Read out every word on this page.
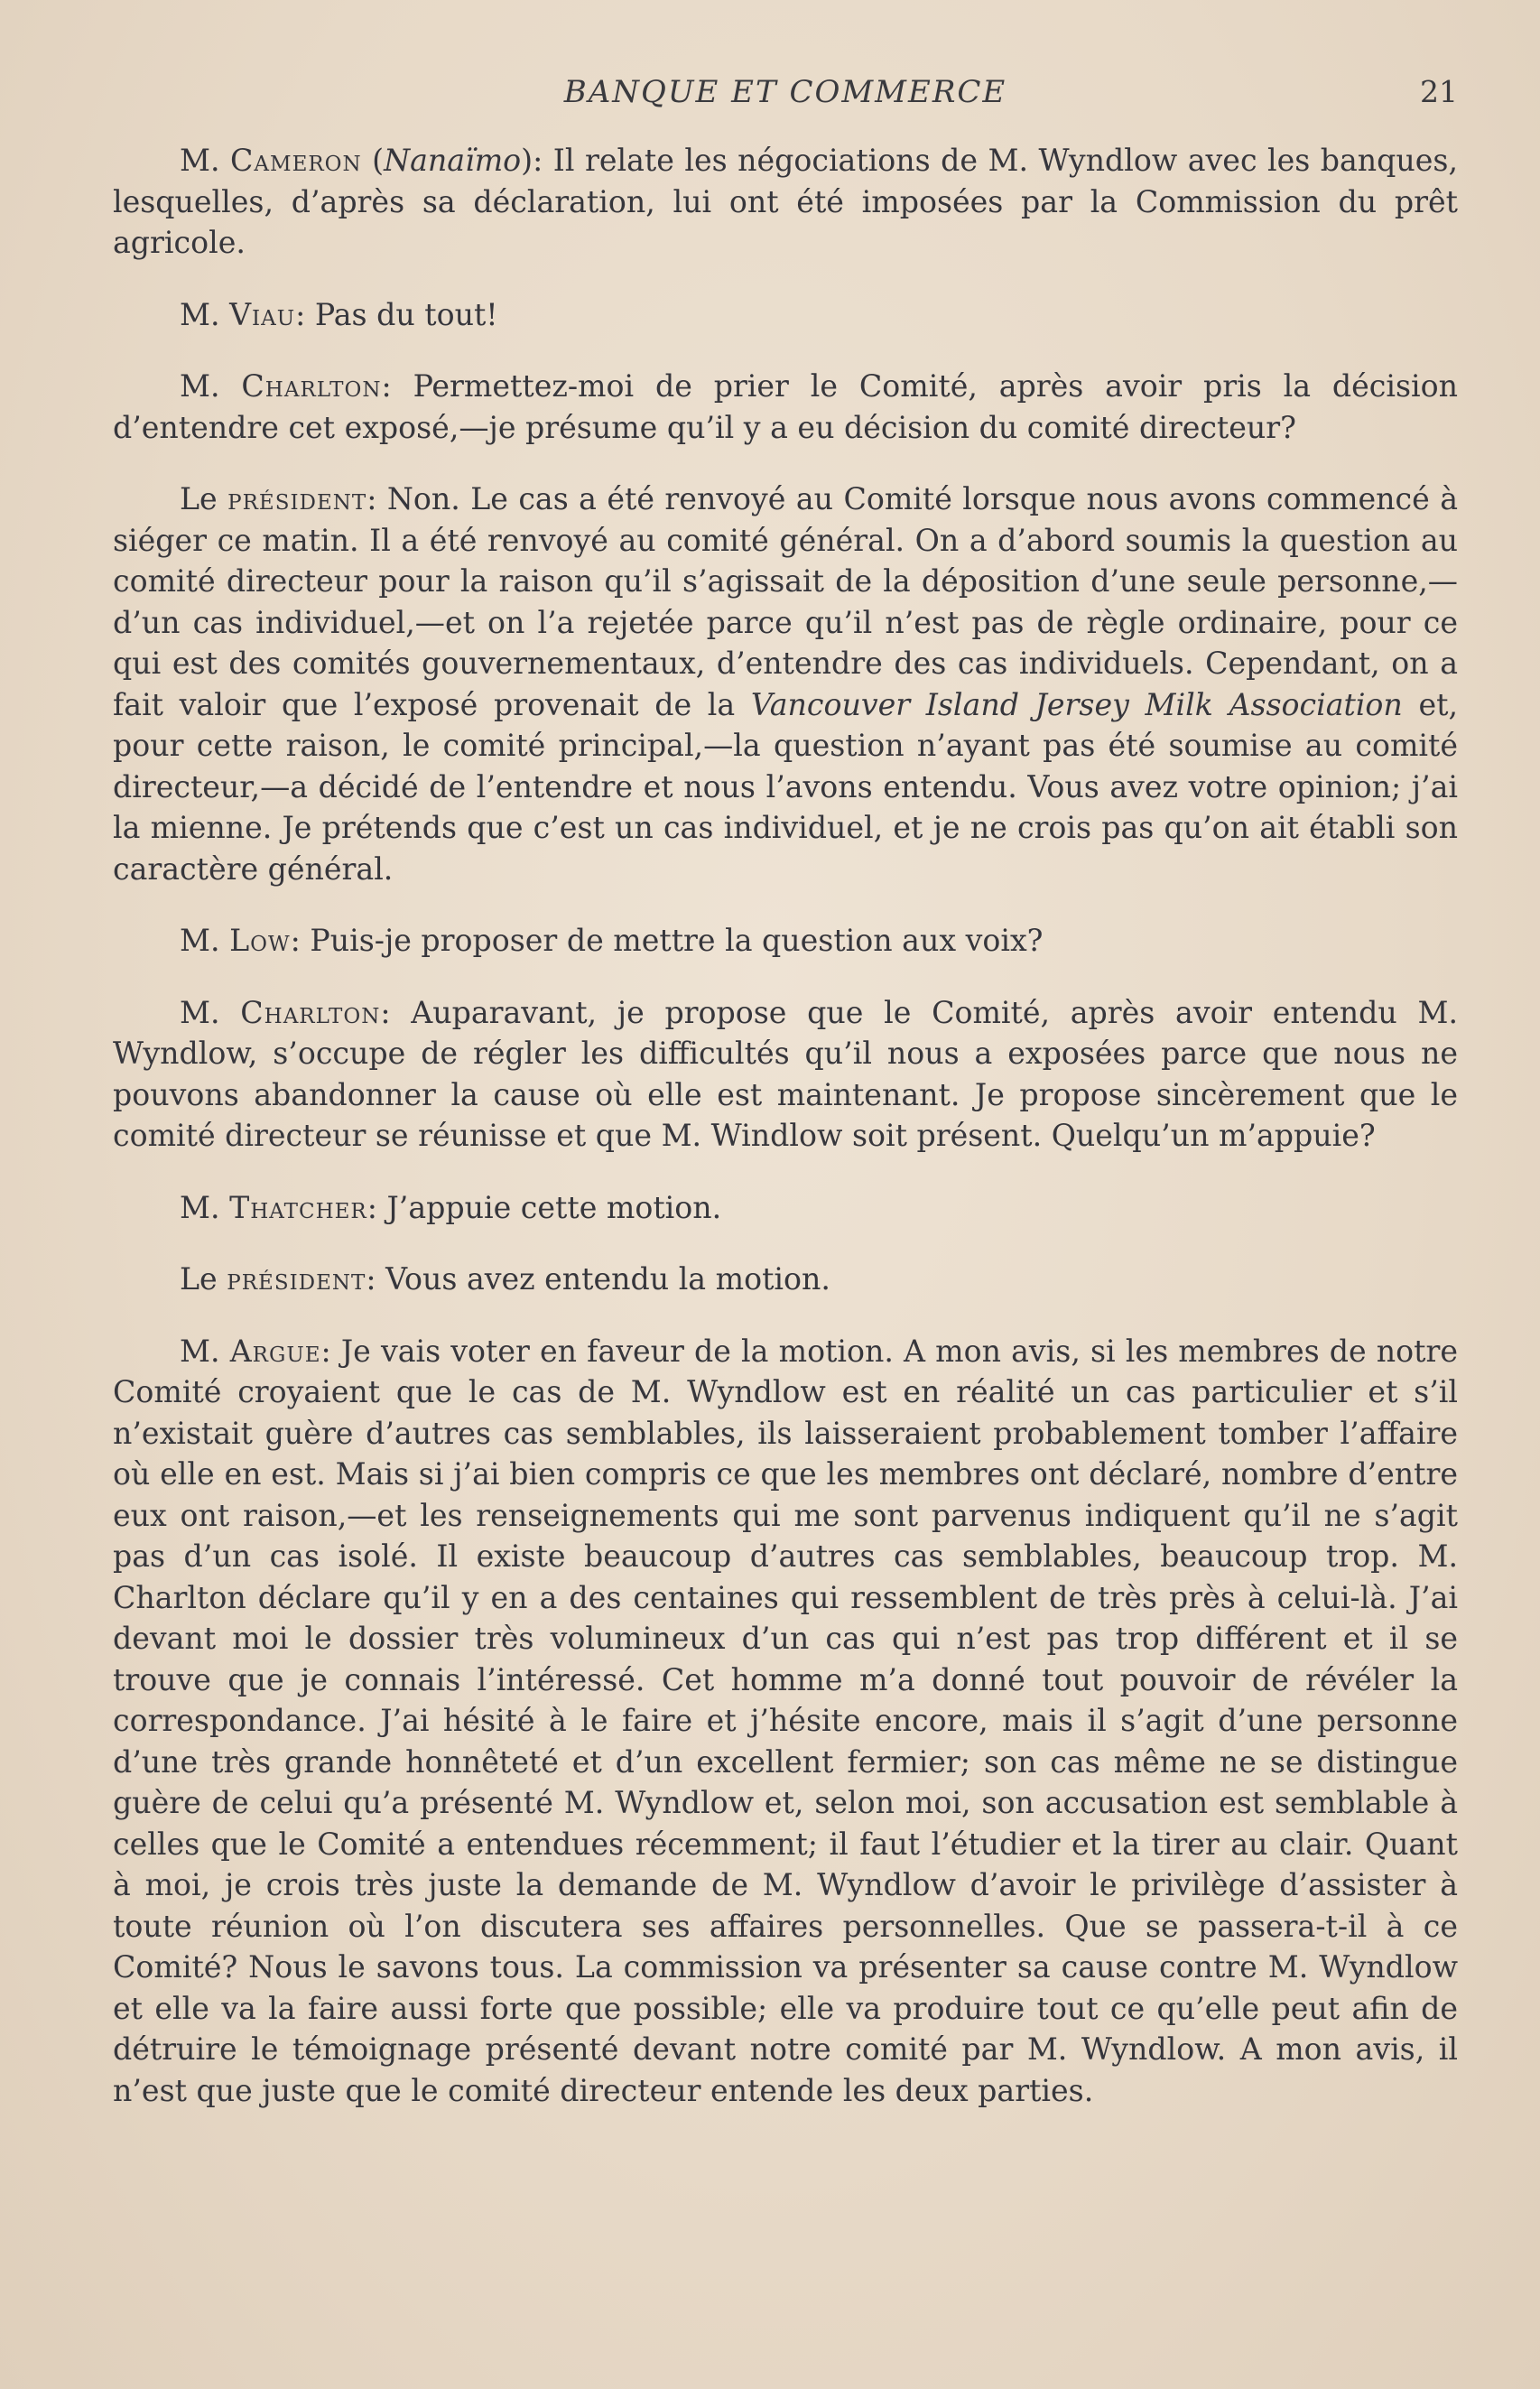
BANQUE ET COMMERCE	21

M. Cameron (Nanaïmo): Il relate les négociations de M. Wyndlow avec les banques, lesquelles, d’après sa déclaration, lui ont été imposées par la Commission du prêt agricole.

M. Viau: Pas du tout!

M. Charlton: Permettez-moi de prier le Comité, après avoir pris la décision d’entendre cet exposé,—je présume qu’il y a eu décision du comité directeur?

Le président: Non. Le cas a été renvoyé au Comité lorsque nous avons commencé à siéger ce matin. Il a été renvoyé au comité général. On a d’abord soumis la question au comité directeur pour la raison qu’il s’agissait de la déposition d’une seule personne,—d’un cas individuel,—et on l’a rejetée parce qu’il n’est pas de règle ordinaire, pour ce qui est des comités gouvernementaux, d’entendre des cas individuels. Cependant, on a fait valoir que l’exposé provenait de la Vancouver Island Jersey Milk Association et, pour cette raison, le comité principal,—la question n’ayant pas été soumise au comité directeur,—a décidé de l’entendre et nous l’avons entendu. Vous avez votre opinion; j’ai la mienne. Je prétends que c’est un cas individuel, et je ne crois pas qu’on ait établi son caractère général.

M. Low: Puis-je proposer de mettre la question aux voix?

M. Charlton: Auparavant, je propose que le Comité, après avoir entendu M. Wyndlow, s’occupe de régler les difficultés qu’il nous a exposées parce que nous ne pouvons abandonner la cause où elle est maintenant. Je propose sincèrement que le comité directeur se réunisse et que M. Windlow soit présent. Quelqu’un m’appuie?

M. Thatcher: J’appuie cette motion.

Le président: Vous avez entendu la motion.

M. Argue: Je vais voter en faveur de la motion. A mon avis, si les membres de notre Comité croyaient que le cas de M. Wyndlow est en réalité un cas particulier et s’il n’existait guère d’autres cas semblables, ils laisseraient probablement tomber l’affaire où elle en est. Mais si j’ai bien compris ce que les membres ont déclaré, nombre d’entre eux ont raison,—et les renseignements qui me sont parvenus indiquent qu’il ne s’agit pas d’un cas isolé. Il existe beaucoup d’autres cas semblables, beaucoup trop. M. Charlton déclare qu’il y en a des centaines qui ressemblent de très près à celui-là. J’ai devant moi le dossier très volumineux d’un cas qui n’est pas trop différent et il se trouve que je connais l’intéressé. Cet homme m’a donné tout pouvoir de révéler la correspondance. J’ai hésité à le faire et j’hésite encore, mais il s’agit d’une personne d’une très grande honnêteté et d’un excellent fermier; son cas même ne se distingue guère de celui qu’a présenté M. Wyndlow et, selon moi, son accusation est semblable à celles que le Comité a entendues récemment; il faut l’étudier et la tirer au clair. Quant à moi, je crois très juste la demande de M. Wyndlow d’avoir le privilège d’assister à toute réunion où l’on discutera ses affaires personnelles. Que se passera-t-il à ce Comité? Nous le savons tous. La commission va présenter sa cause contre M. Wyndlow et elle va la faire aussi forte que possible; elle va produire tout ce qu’elle peut afin de détruire le témoignage présenté devant notre comité par M. Wyndlow. A mon avis, il n’est que juste que le comité directeur entende les deux parties.
